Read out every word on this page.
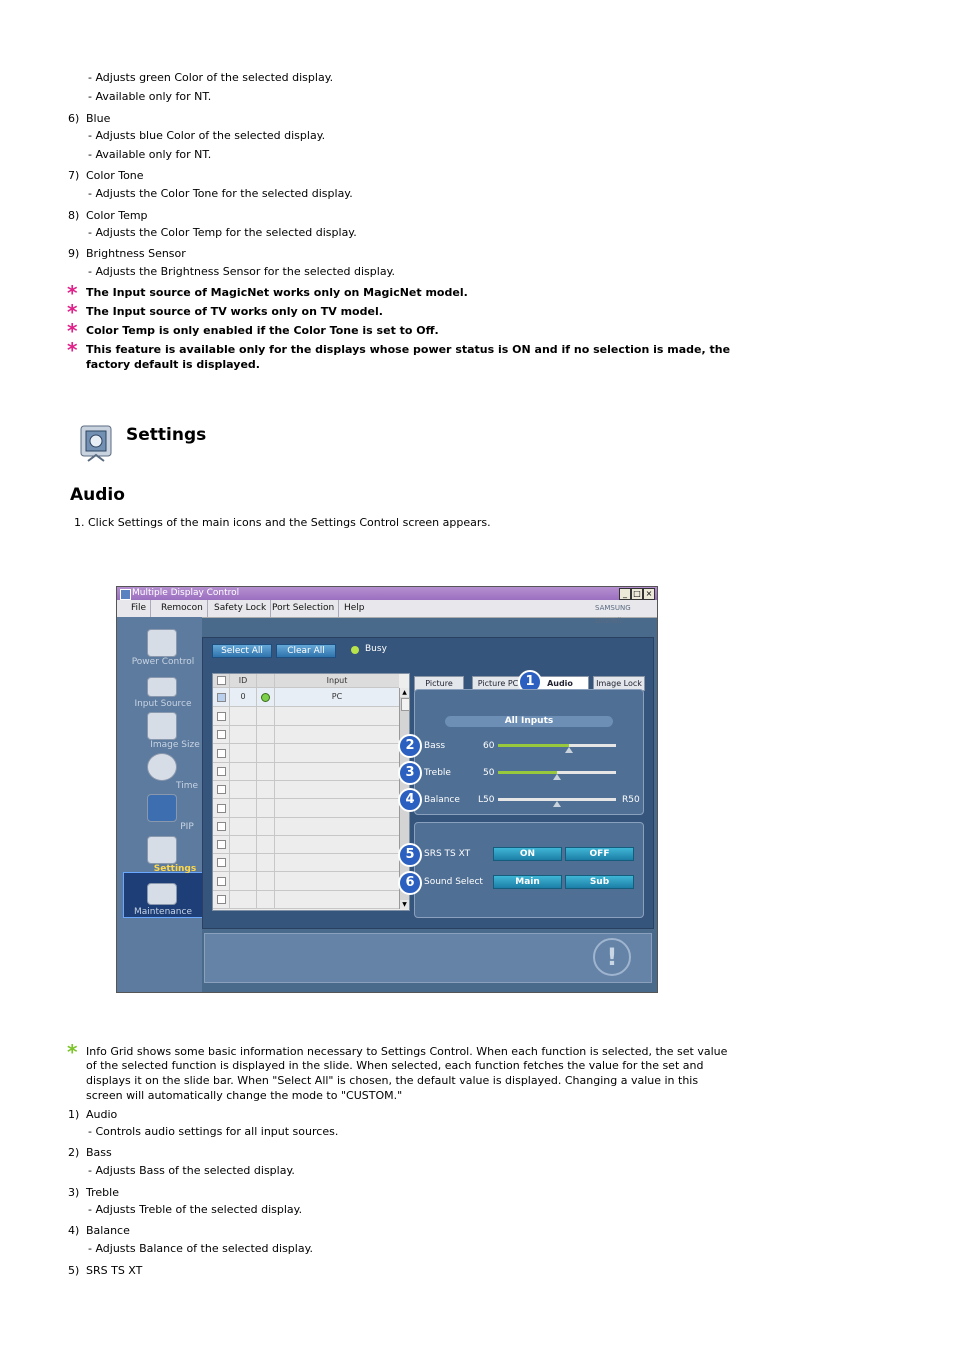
- Adjusts green Color of the selected display.
- Available only for NT.
6) Blue
- Adjusts blue Color of the selected display.
- Available only for NT.
7) Color Tone
- Adjusts the Color Tone for the selected display.
8) Color Temp
- Adjusts the Color Temp for the selected display.
9) Brightness Sensor
- Adjusts the Brightness Sensor for the selected display.
* The Input source of MagicNet works only on MagicNet model.
* The Input source of TV works only on TV model.
* Color Temp is only enabled if the Color Tone is set to Off.
* This feature is available only for the displays whose power status is ON and if no selection is made, the
factory default is displayed.
Settings
Audio
1. Click Settings of the main icons and the Settings Control screen appears.
Multiple Display Control	_ □ ×
File	Remocon	Safety Lock Port Selection	Help	SAMSUNG DIGITall
Power Control
Input Source
Image Size
Time
PIP
Settings
Maintenance
Select All	Clear All	Busy
ID	Input
0	PC	▲
▼
Picture	Picture PC	Audio	Image Lock
1
All Inputs
2	Bass	60
3	Treble	50
4	Balance L50	R50
5	SRS TS XT	ON	OFF
6	Sound Select	Main	Sub
!
* Info Grid shows some basic information necessary to Settings Control. When each function is selected, the set value
of the selected function is displayed in the slide. When selected, each function fetches the value for the set and
displays it on the slide bar. When "Select All" is chosen, the default value is displayed. Changing a value in this
screen will automatically change the mode to "CUSTOM."
1) Audio
- Controls audio settings for all input sources.
2) Bass
- Adjusts Bass of the selected display.
3) Treble
- Adjusts Treble of the selected display.
4) Balance
- Adjusts Balance of the selected display.
5) SRS TS XT
